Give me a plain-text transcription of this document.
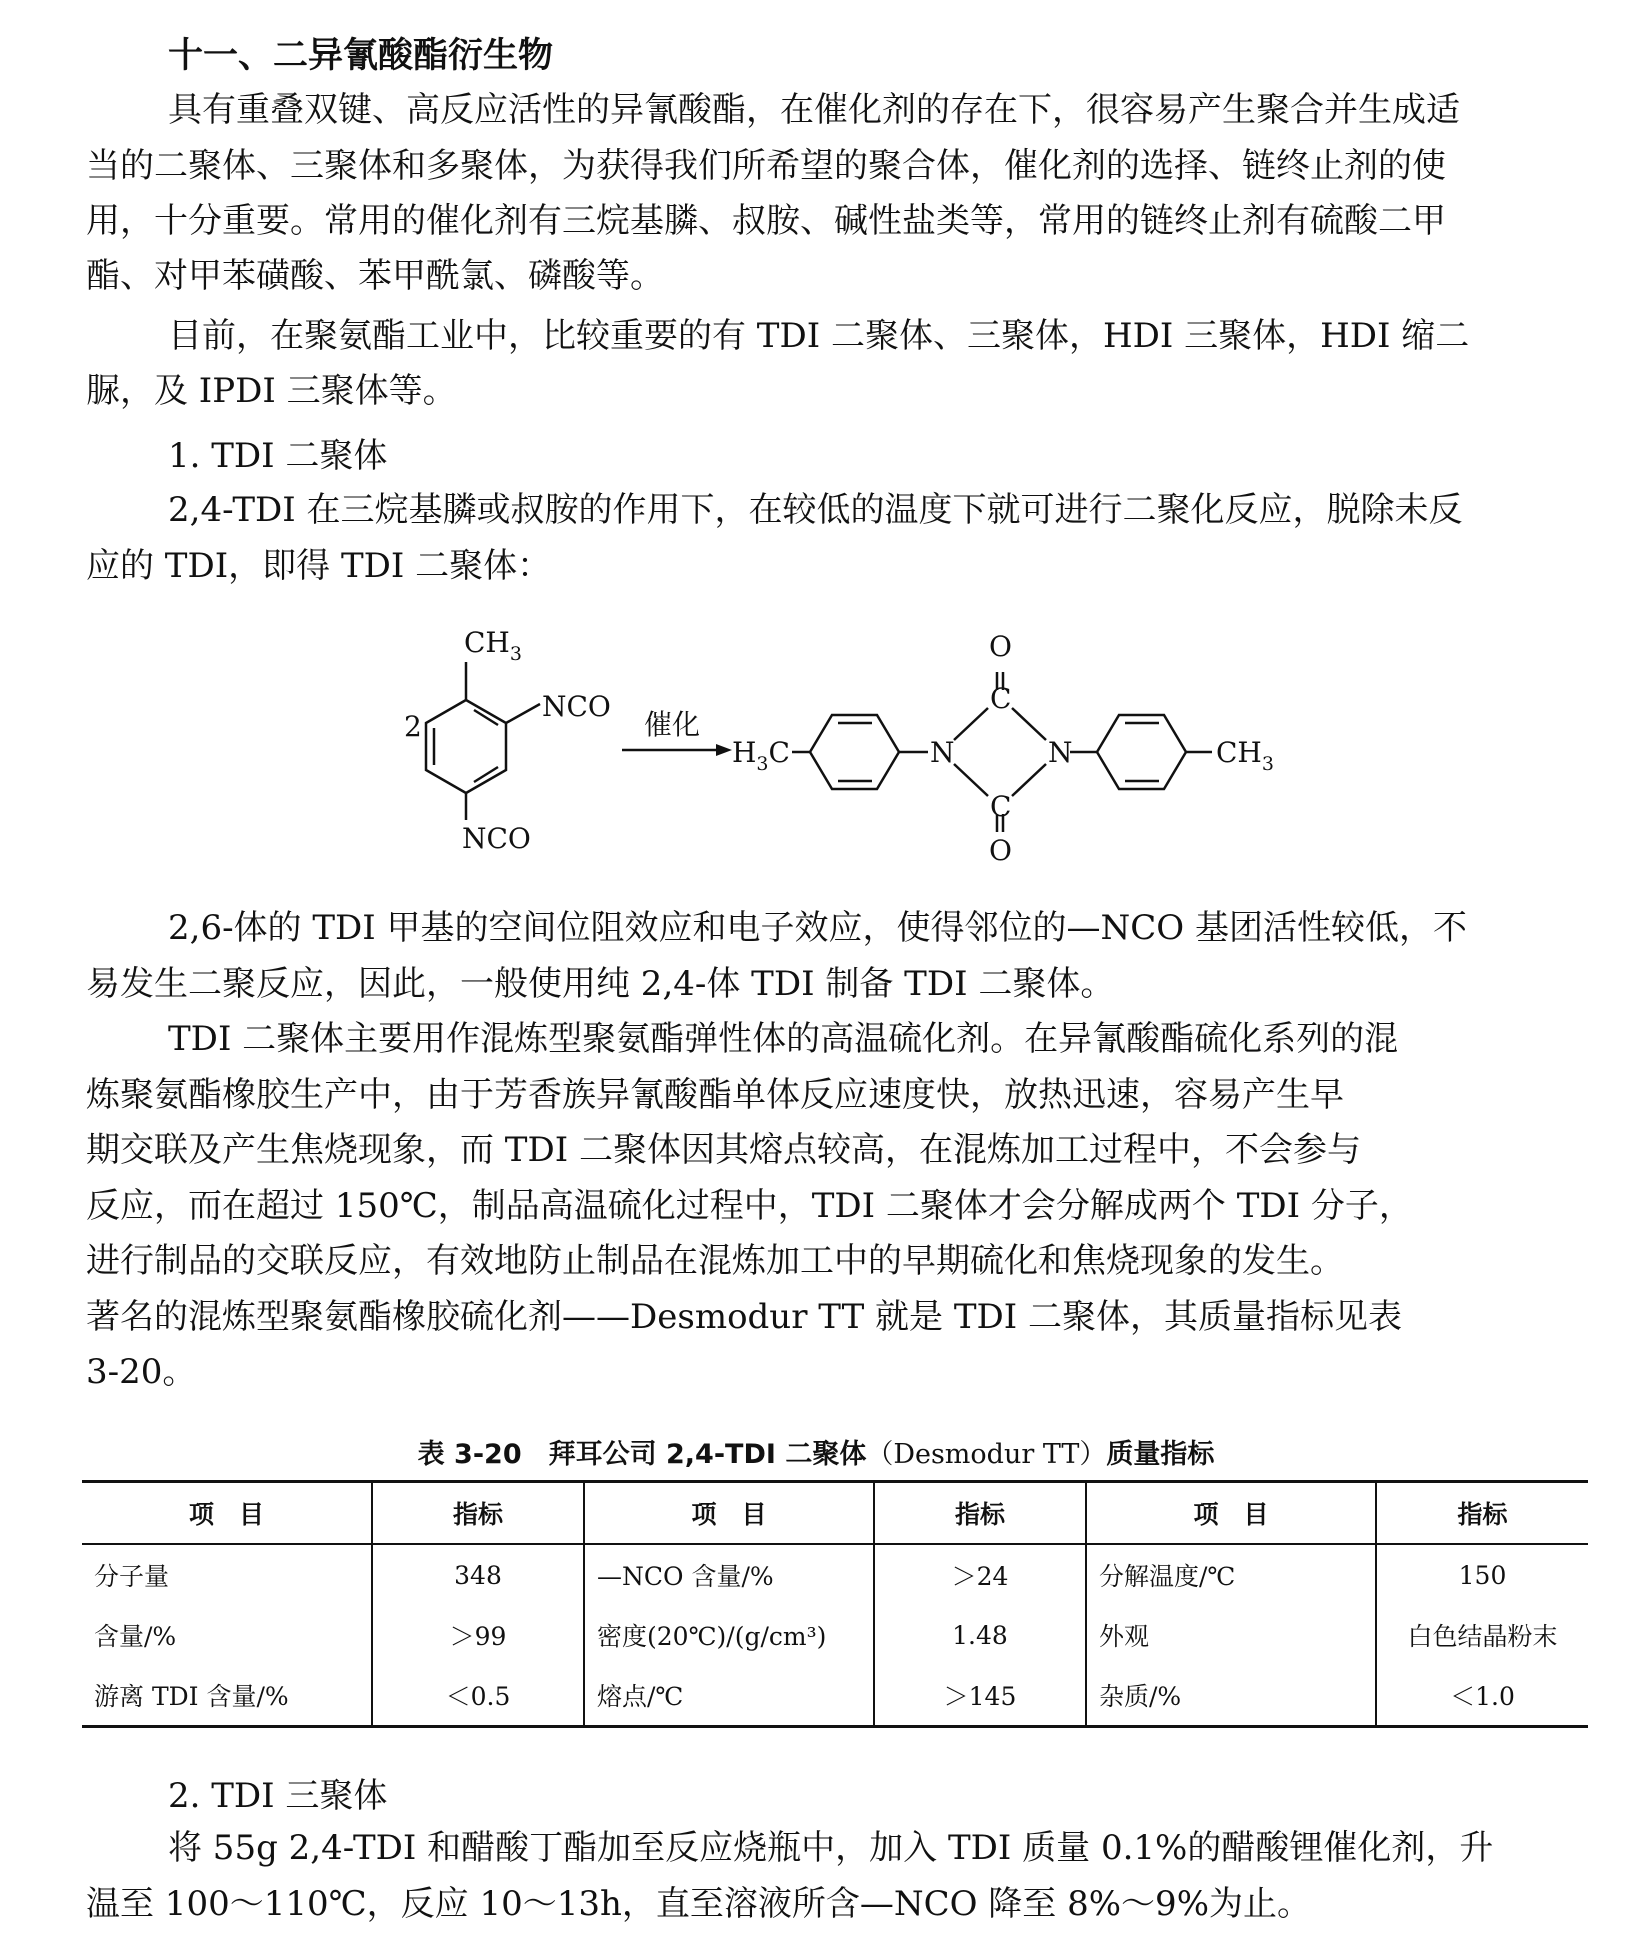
十一、二异氰酸酯衍生物
具有重叠双键、高反应活性的异氰酸酯，在催化剂的存在下，很容易产生聚合并生成适
当的二聚体、三聚体和多聚体，为获得我们所希望的聚合体，催化剂的选择、链终止剂的使
用，十分重要。常用的催化剂有三烷基膦、叔胺、碱性盐类等，常用的链终止剂有硫酸二甲
酯、对甲苯磺酸、苯甲酰氯、磷酸等。
目前，在聚氨酯工业中，比较重要的有 TDI 二聚体、三聚体，HDI 三聚体，HDI 缩二
脲，及 IPDI 三聚体等。
1. TDI 二聚体
2,4-TDI 在三烷基膦或叔胺的作用下，在较低的温度下就可进行二聚化反应，脱除未反
应的 TDI，即得 TDI 二聚体：
$CH_3$
NCO
NCO
2	催化
$H_3C$	N	N
C
C
O
O
$CH_3$
2,6-体的 TDI 甲基的空间位阻效应和电子效应，使得邻位的—NCO 基团活性较低，不
易发生二聚反应，因此，一般使用纯 2,4-体 TDI 制备 TDI 二聚体。
TDI 二聚体主要用作混炼型聚氨酯弹性体的高温硫化剂。在异氰酸酯硫化系列的混
炼聚氨酯橡胶生产中，由于芳香族异氰酸酯单体反应速度快，放热迅速，容易产生早
期交联及产生焦烧现象，而 TDI 二聚体因其熔点较高，在混炼加工过程中，不会参与
反应，而在超过 150℃，制品高温硫化过程中，TDI 二聚体才会分解成两个 TDI 分子，
进行制品的交联反应，有效地防止制品在混炼加工中的早期硫化和焦烧现象的发生。
著名的混炼型聚氨酯橡胶硫化剂——Desmodur TT 就是 TDI 二聚体，其质量指标见表
3-20。
表 3-20　拜耳公司 2,4-TDI 二聚体（Desmodur TT）质量指标
项　目	指标	项　目	指标	项　目	指标
分子量	348	—NCO 含量/%	＞24	分解温度/℃	150
含量/%	＞99	密度(20℃)/(g/cm³)	1.48	外观	白色结晶粉末
游离 TDI 含量/%	＜0.5	熔点/℃	＞145	杂质/%	＜1.0
2. TDI 三聚体
将 55g 2,4-TDI 和醋酸丁酯加至反应烧瓶中，加入 TDI 质量 0.1%的醋酸锂催化剂，升
温至 100～110℃，反应 10～13h，直至溶液所含—NCO 降至 8%～9%为止。
